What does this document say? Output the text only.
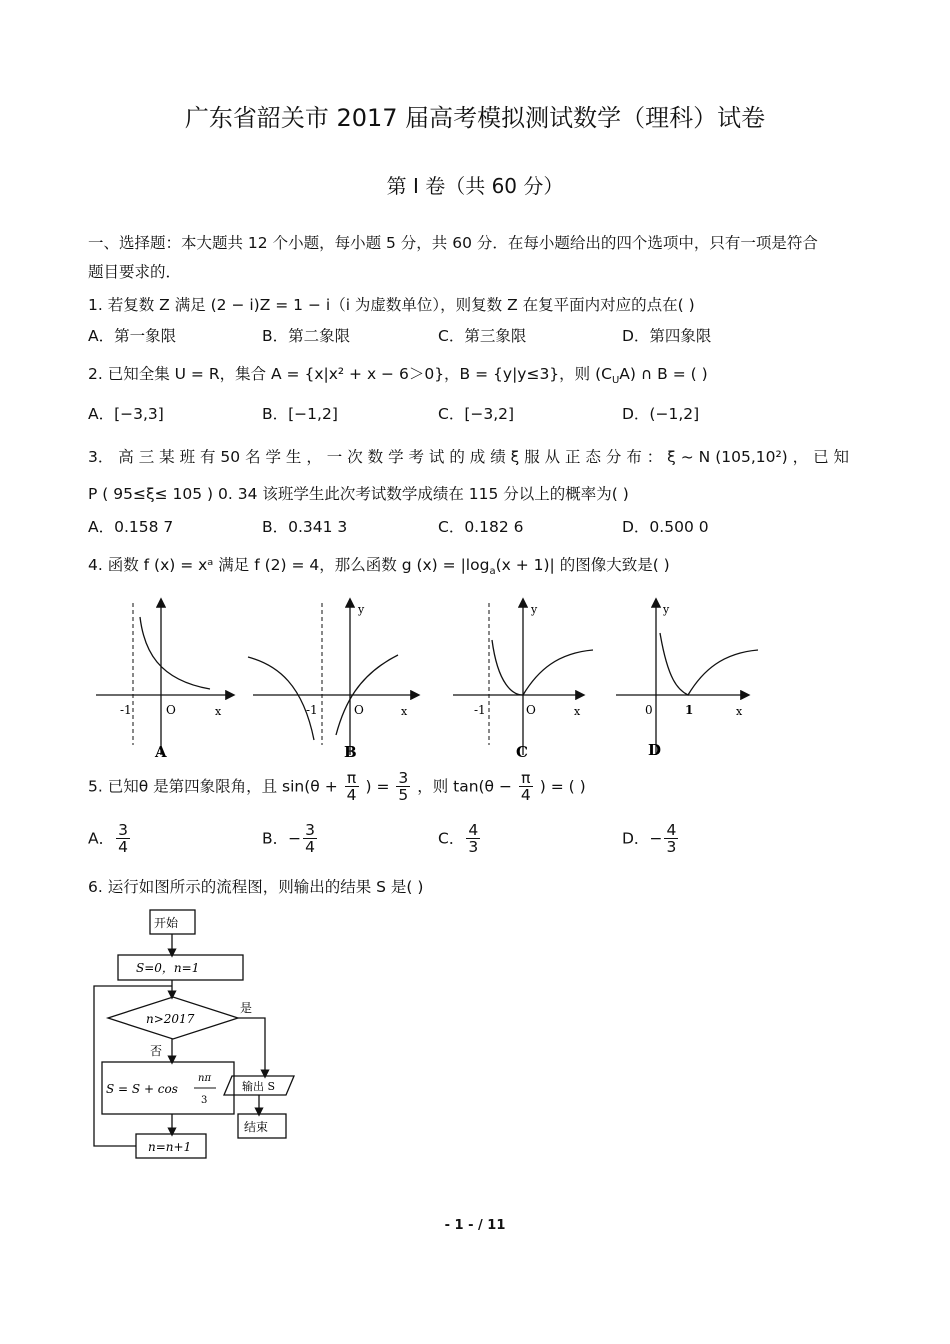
广东省韶关市 2017 届高考模拟测试数学（理科）试卷
第 I 卷（共 60 分）
一、选择题：本大题共 12 个小题，每小题 5 分，共 60 分．在每小题给出的四个选项中，只有一项是符合
题目要求的．
1. 若复数 Z 满足 (2 − i)Z = 1 − i（i 为虚数单位），则复数 Z 在复平面内对应的点在( )
A．第一象限	B．第二象限	C．第三象限	D．第四象限
2. 已知全集 U = R，集合 A = {x|x² + x − 6＞0}，B = {y|y≤3}，则 $(C_UA)$ ∩ B = ( )
A．[−3,3]	B．[−1,2]	C．[−3,2]	D．(−1,2]
3． 高 三 某 班 有 50 名 学 生 ， 一 次 数 学 考 试 的 成 绩 ξ 服 从 正 态 分 布 ： ξ ~ N (105,10²) ， 已 知
P ( 95≤ξ≤ 105 ) 0. 34 该班学生此次考试数学成绩在 115 分以上的概率为( )
A．0.158 7	B．0.341 3	C．0.182 6	D．0.500 0
4. 函数 f (x) = xᵃ 满足 f (2) = 4，那么函数 g $(x) = |\log_a(x + 1)|$ 的图像大致是( )
-1	O	x
A
-1	O	x
y
B
-1	O	x
y
C
0	1	x
y
D
5. 已知θ 是第四象限角，且 $\sin(\theta + \frac{\pi}{4}$ ) = $\frac{3}{5}$ ，则 $\tan(\theta - \frac{\pi}{4}$ ) = ( )
A． $\frac{3}{4}$	B．− $\frac{3}{4}$	C． $\frac{4}{3}$	D．− $\frac{4}{3}$
6. 运行如图所示的流程图，则输出的结果 S 是( )
开始
S=0，n=1
n>2017
是
否
S = S + cos
nπ
3
输出 S
结束
n=n+1
- 1 - / 11
